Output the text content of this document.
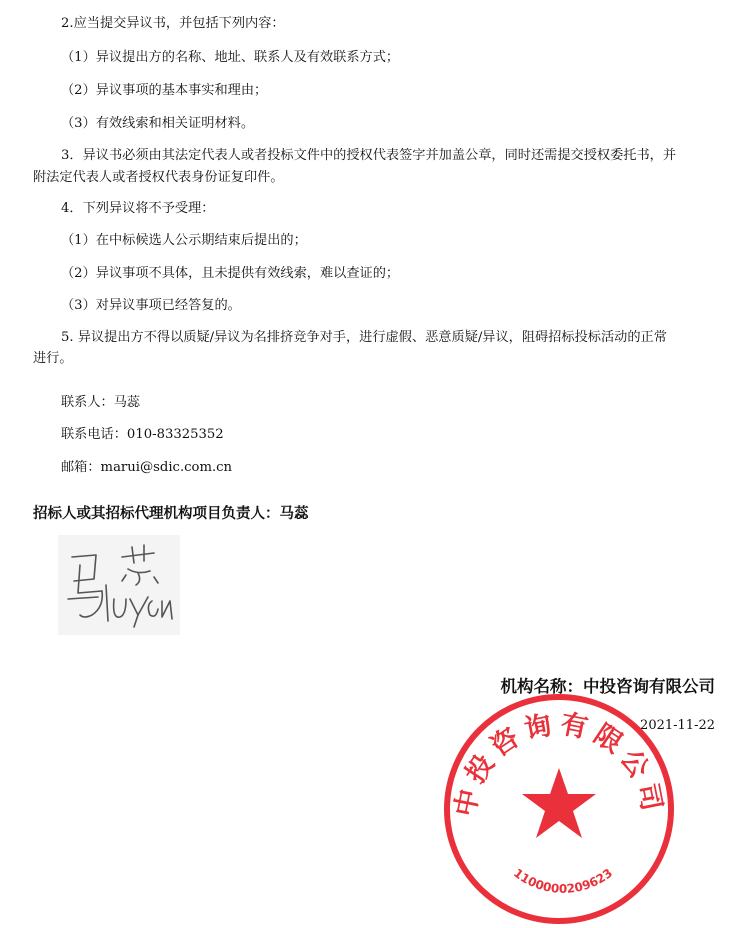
2.应当提交异议书，并包括下列内容：
（1）异议提出方的名称、地址、联系人及有效联系方式；
（2）异议事项的基本事实和理由；
（3）有效线索和相关证明材料。
3．异议书必须由其法定代表人或者投标文件中的授权代表签字并加盖公章，同时还需提交授权委托书，并
附法定代表人或者授权代表身份证复印件。
4．下列异议将不予受理：
（1）在中标候选人公示期结束后提出的；
（2）异议事项不具体，且未提供有效线索，难以查证的；
（3）对异议事项已经答复的。
5. 异议提出方不得以质疑/异议为名排挤竞争对手，进行虚假、恶意质疑/异议，阻碍招标投标活动的正常
进行。
联系人：马蕊
联系电话：010-83325352
邮箱：marui@sdic.com.cn
招标人或其招标代理机构项目负责人：马蕊
机构名称：中投咨询有限公司
2021-11-22
中投咨询有限公司
1100000209623
